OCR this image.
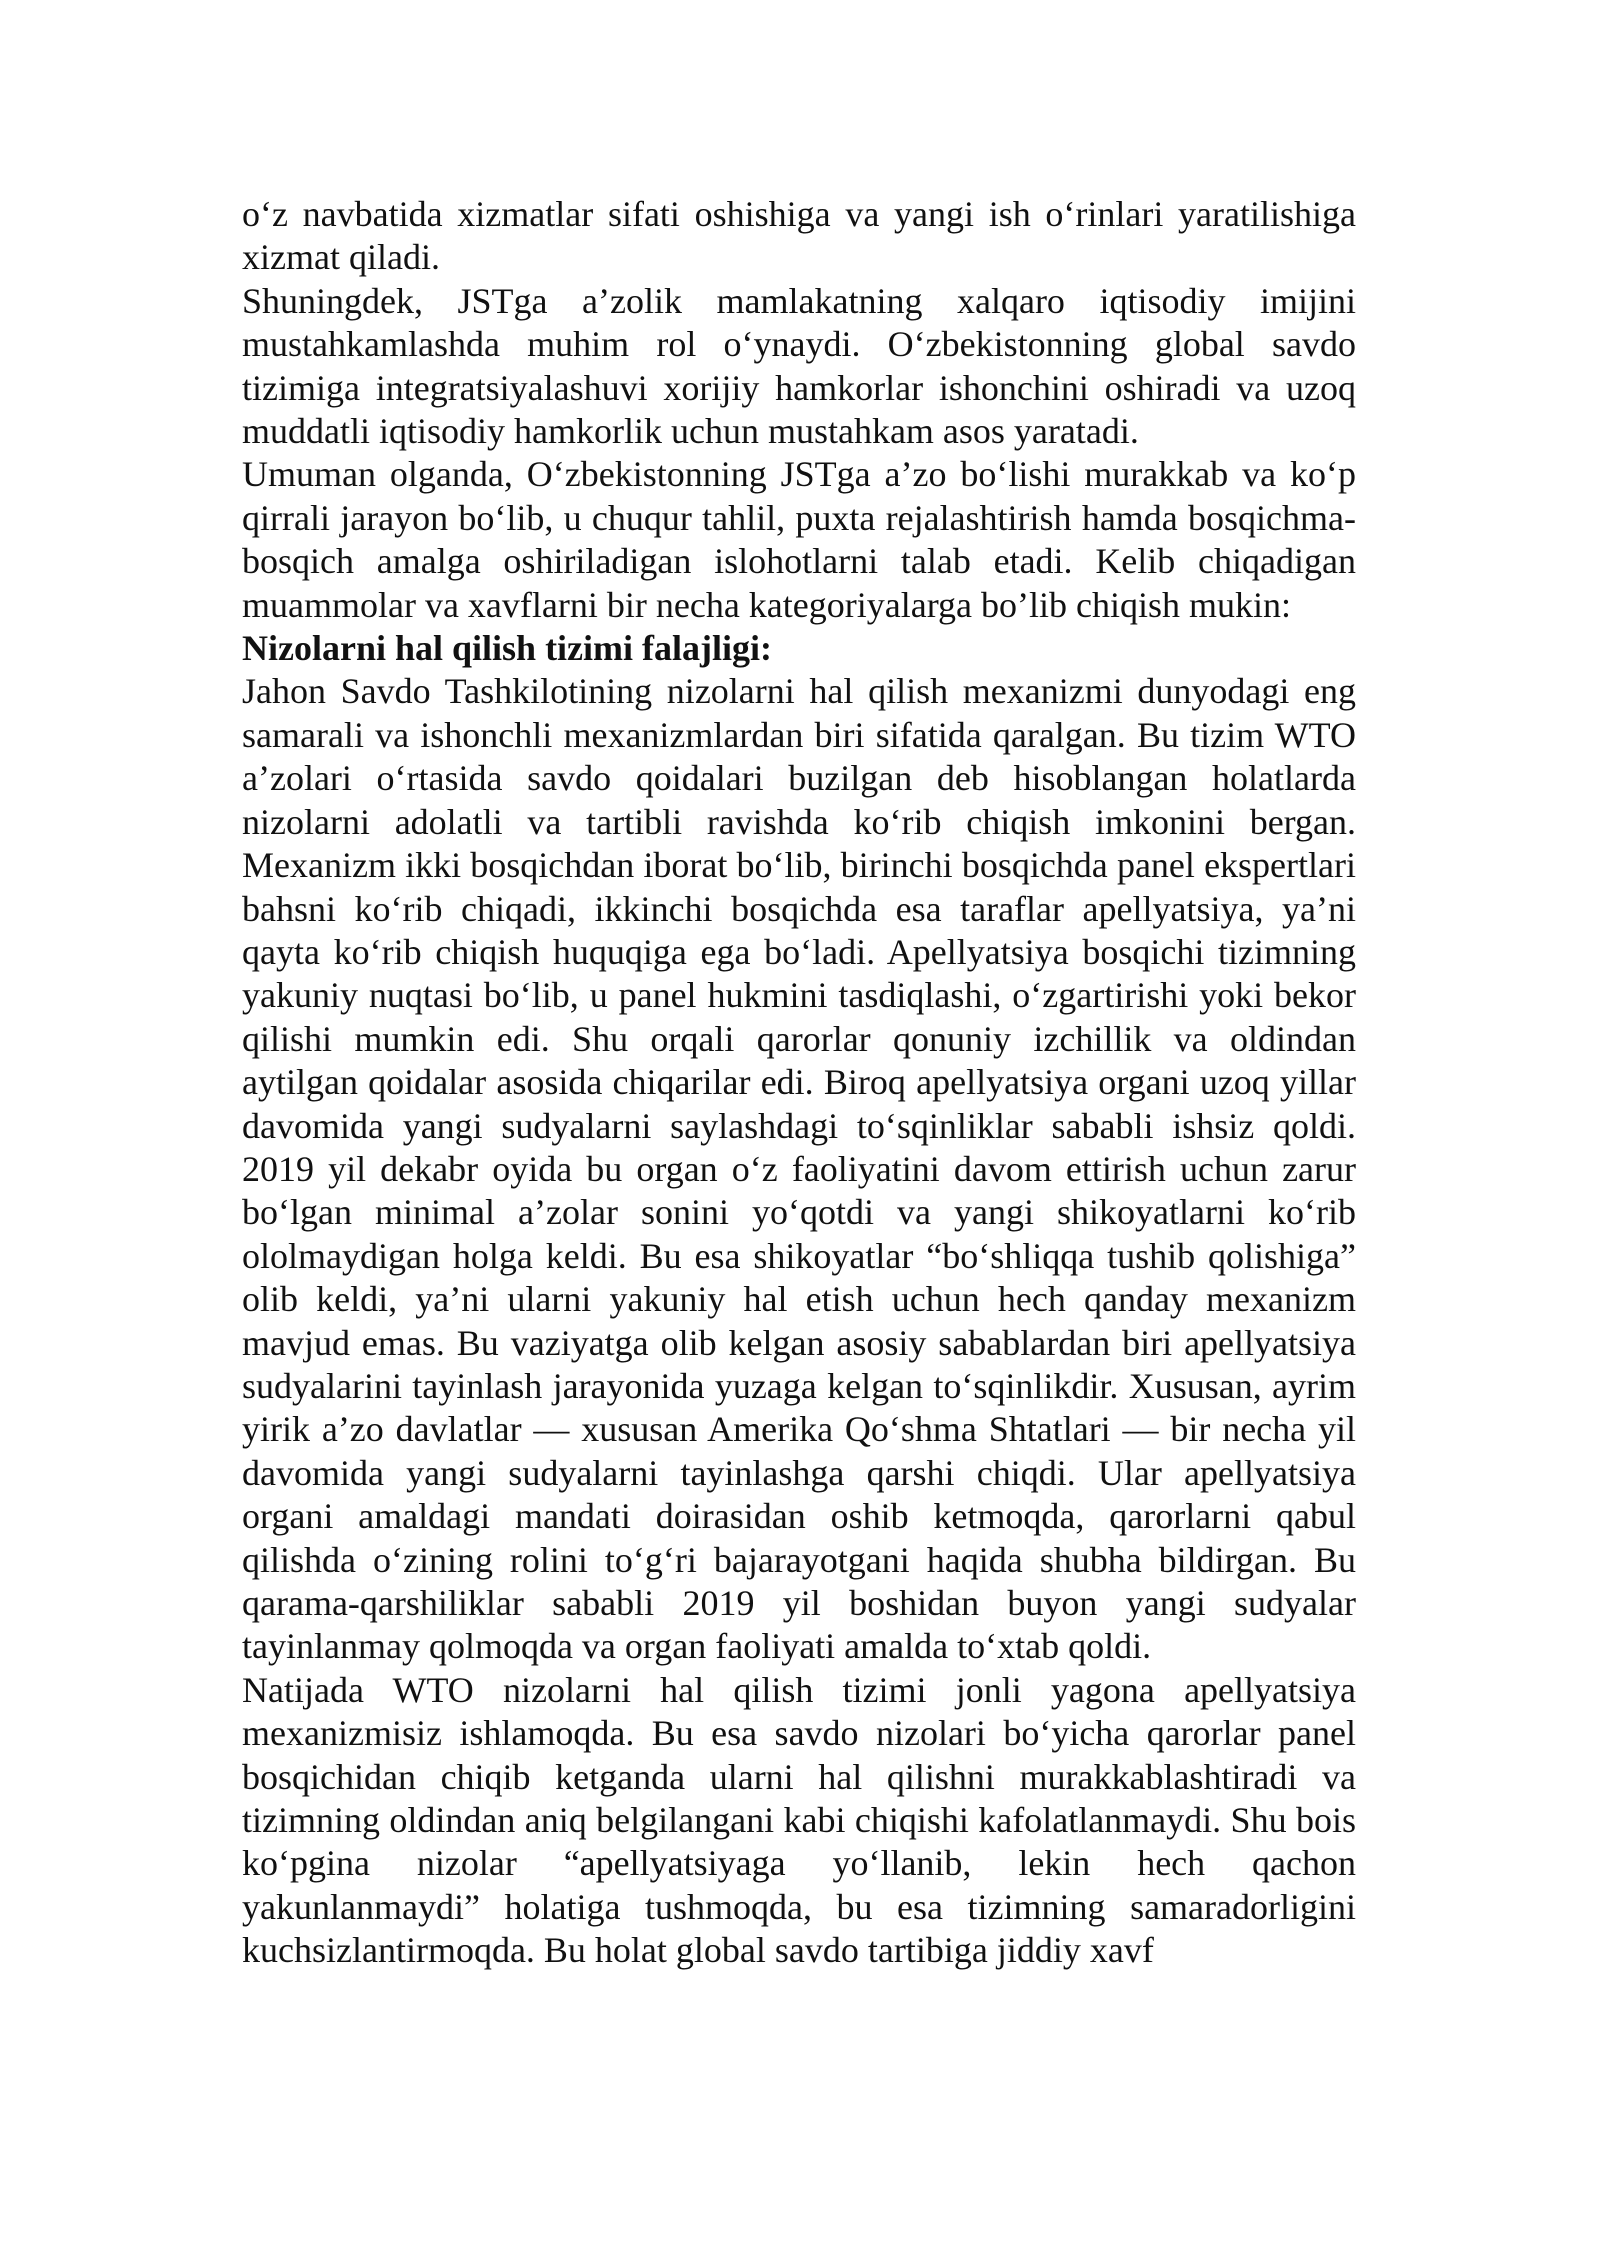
o‘z navbatida xizmatlar sifati oshishiga va yangi ish o‘rinlari yaratilishiga xizmat qiladi.

Shuningdek, JSTga a’zolik mamlakatning xalqaro iqtisodiy imijini mustahkamlashda muhim rol o‘ynaydi. O‘zbekistonning global savdo tizimiga integratsiyalashuvi xorijiy hamkorlar ishonchini oshiradi va uzoq muddatli iqtisodiy hamkorlik uchun mustahkam asos yaratadi.

Umuman olganda, O‘zbekistonning JSTga a’zo bo‘lishi murakkab va ko‘p qirrali jarayon bo‘lib, u chuqur tahlil, puxta rejalashtirish hamda bosqichma-bosqich amalga oshiriladigan islohotlarni talab etadi. Kelib chiqadigan muammolar va xavflarni bir necha kategoriyalarga bo’lib chiqish mukin:

Nizolarni hal qilish tizimi falajligi:

Jahon Savdo Tashkilotining nizolarni hal qilish mexanizmi dunyodagi eng samarali va ishonchli mexanizmlardan biri sifatida qaralgan. Bu tizim WTO a’zolari o‘rtasida savdo qoidalari buzilgan deb hisoblangan holatlarda nizolarni adolatli va tartibli ravishda ko‘rib chiqish imkonini bergan. Mexanizm ikki bosqichdan iborat bo‘lib, birinchi bosqichda panel ekspertlari bahsni ko‘rib chiqadi, ikkinchi bosqichda esa taraflar apellyatsiya, ya’ni qayta ko‘rib chiqish huquqiga ega bo‘ladi. Apellyatsiya bosqichi tizimning yakuniy nuqtasi bo‘lib, u panel hukmini tasdiqlashi, o‘zgartirishi yoki bekor qilishi mumkin edi. Shu orqali qarorlar qonuniy izchillik va oldindan aytilgan qoidalar asosida chiqarilar edi. Biroq apellyatsiya organi uzoq yillar davomida yangi sudyalarni saylashdagi to‘sqinliklar sababli ishsiz qoldi. 2019 yil dekabr oyida bu organ o‘z faoliyatini davom ettirish uchun zarur bo‘lgan minimal a’zolar sonini yo‘qotdi va yangi shikoyatlarni ko‘rib ololmaydigan holga keldi. Bu esa shikoyatlar “bo‘shliqqa tushib qolishiga” olib keldi, ya’ni ularni yakuniy hal etish uchun hech qanday mexanizm mavjud emas. Bu vaziyatga olib kelgan asosiy sabablardan biri apellyatsiya sudyalarini tayinlash jarayonida yuzaga kelgan to‘sqinlikdir. Xususan, ayrim yirik a’zo davlatlar — xususan Amerika Qo‘shma Shtatlari — bir necha yil davomida yangi sudyalarni tayinlashga qarshi chiqdi. Ular apellyatsiya organi amaldagi mandati doirasidan oshib ketmoqda, qarorlarni qabul qilishda o‘zining rolini to‘g‘ri bajarayotgani haqida shubha bildirgan. Bu qarama-qarshiliklar sababli 2019 yil boshidan buyon yangi sudyalar tayinlanmay qolmoqda va organ faoliyati amalda to‘xtab qoldi.

Natijada WTO nizolarni hal qilish tizimi jonli yagona apellyatsiya mexanizmisiz ishlamoqda. Bu esa savdo nizolari bo‘yicha qarorlar panel bosqichidan chiqib ketganda ularni hal qilishni murakkablashtiradi va tizimning oldindan aniq belgilangani kabi chiqishi kafolatlanmaydi. Shu bois ko‘pgina nizolar “apellyatsiyaga yo‘llanib, lekin hech qachon yakunlanmaydi” holatiga tushmoqda, bu esa tizimning samaradorligini kuchsizlantirmoqda. Bu holat global savdo tartibiga jiddiy xavf
